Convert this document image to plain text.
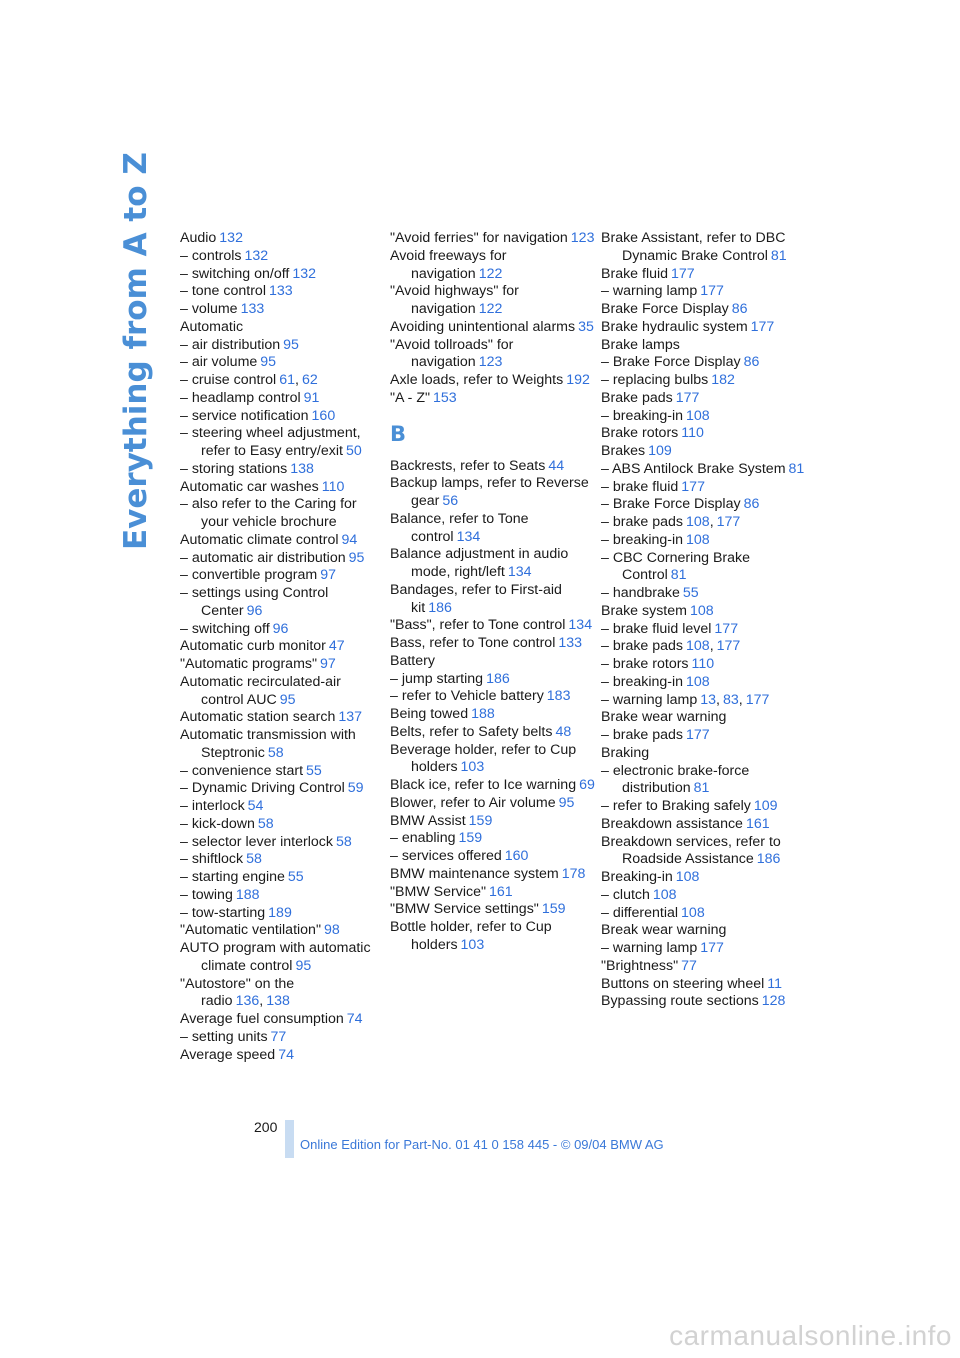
Everything from A to Z Audio 132
– controls 132
– switching on/off 132
– tone control 133
– volume 133
Automatic
– air distribution 95
– air volume 95
– cruise control 61, 62
– headlamp control 91
– service notification 160
– steering wheel adjustment, refer to Easy entry/exit 50
– storing stations 138
Automatic car washes 110
– also refer to the Caring for your vehicle brochure
Automatic climate control 94
– automatic air distribution 95
– convertible program 97
– settings using Control Center 96
– switching off 96
Automatic curb monitor 47
"Automatic programs" 97
Automatic recirculated-air control AUC 95
Automatic station search 137
Automatic transmission with Steptronic 58
– convenience start 55
– Dynamic Driving Control 59
– interlock 54
– kick-down 58
– selector lever interlock 58
– shiftlock 58
– starting engine 55
– towing 188
– tow-starting 189
"Automatic ventilation" 98
AUTO program with automatic climate control 95
"Autostore" on the radio 136, 138
Average fuel consumption 74
– setting units 77
Average speed 74
"Avoid ferries" for navigation 123
Avoid freeways for navigation 122
"Avoid highways" for navigation 122
Avoiding unintentional alarms 35
"Avoid tollroads" for navigation 123
Axle loads, refer to Weights 192
"A - Z" 153
B
Backrests, refer to Seats 44
Backup lamps, refer to Reverse gear 56
Balance, refer to Tone control 134
Balance adjustment in audio mode, right/left 134
Bandages, refer to First-aid kit 186
"Bass", refer to Tone control 134
Bass, refer to Tone control 133
Battery
– jump starting 186
– refer to Vehicle battery 183
Being towed 188
Belts, refer to Safety belts 48
Beverage holder, refer to Cup holders 103
Black ice, refer to Ice warning 69
Blower, refer to Air volume 95
BMW Assist 159
– enabling 159
– services offered 160
BMW maintenance system 178
"BMW Service" 161
"BMW Service settings" 159
Bottle holder, refer to Cup holders 103
Brake Assistant, refer to DBC Dynamic Brake Control 81
Brake fluid 177
– warning lamp 177
Brake Force Display 86
Brake hydraulic system 177
Brake lamps
– Brake Force Display 86
– replacing bulbs 182
Brake pads 177
– breaking-in 108
Brake rotors 110
Brakes 109
– ABS Antilock Brake System 81
– brake fluid 177
– Brake Force Display 86
– brake pads 108, 177
– breaking-in 108
– CBC Cornering Brake Control 81
– handbrake 55
Brake system 108
– brake fluid level 177
– brake pads 108, 177
– brake rotors 110
– breaking-in 108
– warning lamp 13, 83, 177
Brake wear warning
– brake pads 177
Braking
– electronic brake-force distribution 81
– refer to Braking safely 109
Breakdown assistance 161
Breakdown services, refer to Roadside Assistance 186
Breaking-in 108
– clutch 108
– differential 108
Break wear warning
– warning lamp 177
"Brightness" 77
Buttons on steering wheel 11
Bypassing route sections 128
200
Online Edition for Part-No. 01 41 0 158 445 - © 09/04 BMW AG
carmanualsonline.info
